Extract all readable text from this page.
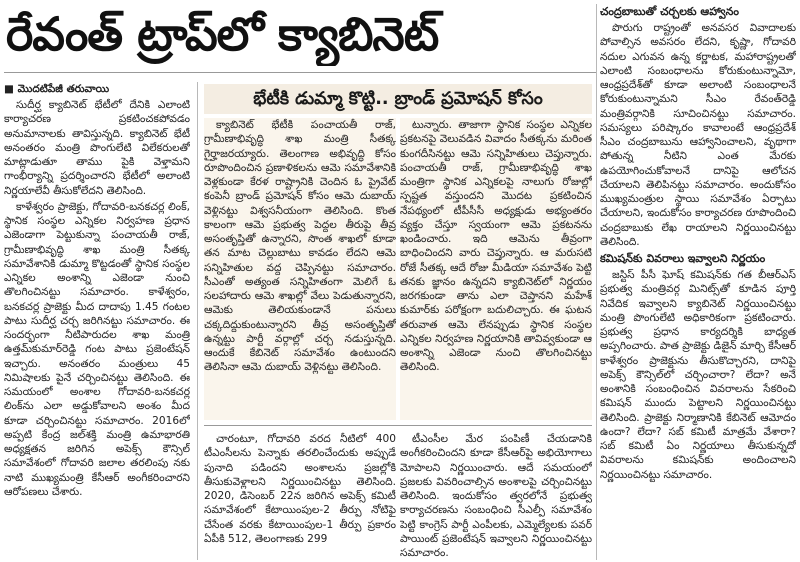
రేవంత్ ట్రాప్‌లో క్యాబినెట్

■ మొదటిపేజీ తరువాయి

సుదీర్ఘ క్యాబినెట్ భేటీలో దేనికి ఎలాంటి కార్యాచరణ ప్రకటించకపోవడం అనుమానాలకు తావిస్తున్నది. క్యాబినెట్ భేటీ అనంతరం మంత్రి పొంగులేటి విలేకరులతో మాట్లాడుతూ తాము పైకి వెళ్తామని గాంభీర్యాన్ని ప్రదర్శించారని భేటీలో అలాంటి నిర్ణయాలేవీ తీసుకోలేదని తెలిసింది.

కాళేశ్వరం ప్రాజెక్టు, గోదావరి-బనకచర్ల లింక్, స్థానిక సంస్థల ఎన్నికల నిర్వహణ ప్రధాన ఎజెండాగా పెట్టుకున్నా పంచాయతీ రాజ్, గ్రామీణాభివృద్ధి శాఖ మంత్రి సీతక్క సమావేశానికి డుమ్మా కొట్టడంతో స్థానిక సంస్థల ఎన్నికల అంశాన్ని ఎజెండా నుంచి తొలగించినట్టు సమాచారం. కాళేశ్వరం, బనకచర్ల ప్రాజెక్టు మీద దాదాపు 1.45 గంటల పాటు సుదీర్ఘ చర్చ జరిగినట్టు సమాచారం. ఈ సందర్భంగా నీటిపారుదల శాఖ మంత్రి ఉత్తమ్‌కుమార్‌రెడ్డి గంట పాటు ప్రజెంటేషన్ ఇచ్చారు. అనంతరం మంత్రులు 45 నిమిషాలకు పైనే చర్చించినట్టు తెలిసింది. ఈ సమయంలో అంశాల గోదావరి-బనకచర్ల లింక్‌ను ఎలా అడ్డుకోవాలని అంశం మీద కూడా చర్చించినట్టు సమాచారం. 2016లో అప్పటి కేంద్ర జల్‌శక్తి మంత్రి ఉమాభారతి అధ్యక్షతన జరిగిన అపెక్స్ కౌన్సిల్ సమావేశంలో గోదావరి జలాల తరలింపు నకు నాటి ముఖ్యమంత్రి కేసీఆర్ అంగీకరించారని ఆరోపణలు చేశారు.

భేటీకి డుమ్మా కొట్టి.. బ్రాండ్ ప్రమోషన్ కోసం

క్యాబినెట్ భేటీకి పంచాయతీ రాజ్, గ్రామీణాభివృద్ధి శాఖ మంత్రి సీతక్క గైర్హాజరయ్యారు. తెలంగాణ అభివృద్ధి కోసం రూపొందించిన ప్రణాళికలను ఆమె సమావేశానికి వెళ్లకుండా కేరళ రాష్ట్రానికి చెందిన ఓ ప్రైవేట్ కంపెనీ బ్రాండ్ ప్రమోషన్ కోసం ఆమె దుబాయ్ వెళ్లినట్టు విశ్వసనీయంగా తెలిసింది. కొంత కాలంగా ఆమె ప్రభుత్వ పెద్దల తీరుపై తీవ్ర అసంతృప్తితో ఉన్నారని, సొంత శాఖలో కూడా తన మాట చెల్లుబాటు కావడం లేదని ఆమె సన్నిహితుల వద్ద చెప్పినట్టు సమాచారం. సీఎంతో అత్యంత సన్నిహితంగా మెలిగే ఓ సలహాదారు ఆమె శాఖల్లో వేలు పెడుతున్నారని, ఆమెకు తెలియకుండానే పనులు చక్కదిద్దుకుంటున్నారని తీవ్ర అసంతృప్తితో ఉన్నట్టు పార్టీ వర్గాల్లో చర్చ నడుస్తున్నది. ఆందుకే కేబినెట్ సమావేశం ఉంటుందని తెలిసినా ఆమె దుబాయ్ వెళ్లినట్టు తెలిసింది.

టున్నారు. తాజాగా స్థానిక సంస్థల ఎన్నికల ప్రకటనపై వెలువడిన వివాదం సీతక్కను మరింత కుంగదీసినట్టు ఆమె సన్నిహితులు చెప్తున్నారు. పంచాయతీ రాజ్, గ్రామీణాభివృద్ధి శాఖ మంత్రిగా స్థానిక ఎన్నికలపై నాలుగు రోజుల్లో స్పష్టత వస్తుందని మొదట ప్రకటించిన నేపథ్యంలో టీపీసీసీ అధ్యక్షుడు అభ్యంతరం వ్యక్తం చేస్తూ స్వయంగా ఆమె ప్రకటనను ఖండించారు. ఇది ఆమెను తీవ్రంగా బాధించిందని వారు చెప్తున్నారు. ఆ మరుసటి రోజే సీతక్క ఆదే రోజు మీడియా సమావేశం పెట్టి తనకు జ్ఞానం ఉన్నదని క్యాబినెట్‌లో నిర్ణయం జరగకుండా తాను ఎలా చెప్తానని మహేశ్ కుమార్‌కు పరోక్షంగా బదులిచ్చారు. ఈ ఘటన తరువాత ఆమె లేనప్పుడు స్థానిక సంస్థల ఎన్నికల నిర్వహణ నిర్ణయానికి తావివ్వకుండా ఆ అంశాన్ని ఎజెండా నుంచి తొలగించినట్టు తెలిసింది.

చారంటూ, గోదావరి వరద నీటిలో 400 టీఎంసీలను పెన్నాకు తరలించేందుకు అప్పుడే పునాది పడిందని అంశాలను ప్రజల్లోకి తీసుకువెళ్లాలని నిర్ణయించినట్టు తెలిసింది. 2020, డిసెంబర్ 22న జరిగిన అపెక్స్ కమిటీ సమావేశంలో కేటాయింపుల-2 తీర్పు నోటిఫై చేసేంత వరకు కేటాయింపుల-1 తీర్పు ప్రకారం ఏపీకి 512, తెలంగాణకు 299

టీఎంసీల మేర పంపిణీ చేయడానికి అంగీకరించిందని కూడా కేసీఆర్‌పై అభియోగాలు మోపాలని నిర్ణయించారు. ఆదే సమయంలో ప్రజలకు వివరించాల్సిన అంశాలపై చర్చించినట్టు తెలిసింది. ఇందుకోసం త్వరలోనే ప్రభుత్వ కార్యాచరణను సంబంధించి సీఎల్పీ సమావేశం పెట్టి కాంగ్రెస్ పార్టీ ఎంపీలకు, ఎమ్మెల్యేలకు పవర్ పాయింట్ ప్రజెంటేషన్ ఇవ్వాలని నిర్ణయించినట్టు సమాచారం.

చంద్రబాబుతో చర్చలకు ఆహ్వానం

పొరుగు రాష్ట్రంతో అనవసర వివాదాలకు పోవాల్సిన అవసరం లేదని, కృష్ణా, గోదావరి నదుల ఎగువన ఉన్న కర్ణాటక, మహారాష్ట్రలతో ఎలాంటి సంబంధాలను కోరుకుంటున్నామో, ఆంధ్రప్రదేశ్‌తో కూడా అలాంటి సంబంధాలనే కోరుకుంటున్నామని సీఎం రేవంత్‌రెడ్డి మంత్రివర్గానికి సూచించినట్టు సమాచారం. సమస్యలు పరిష్కారం కావాలంటే ఆంధ్రప్రదేశ్ సీఎం చంద్రబాబును ఆహ్వానించాలని, వృథాగా పోతున్న నీటిని ఎంత మేరకు ఉపయోగించుకోవాలనే దానిపై ఆలోచన చేయాలని తెలిపినట్టు సమాచారం. అందుకోసం ముఖ్యమంత్రుల స్థాయి సమావేశం ఏర్పాటు చేయాలని, ఇందుకోసం కార్యాచరణ రూపొందించి చంద్రబాబుకు లేఖ రాయాలని నిర్ణయించినట్టు తెలిసింది.

కమిషన్‌కు వివరాలు ఇవ్వాలని నిర్ణయం

జస్టిస్ పీసీ ఘోష్ కమిషన్‌కు గత బీఆర్ఎస్ ప్రభుత్వ మంత్రివర్గ మినిట్స్‌తో కూడిన పూర్తి నివేదిక ఇవ్వాలని క్యాబినెట్ నిర్ణయించినట్టు మంత్రి పొంగులేటి అధికారికంగా ప్రకటించారు. ప్రభుత్వ ప్రధాన కార్యదర్శికి బాధ్యత అప్పగించారు. పాత ప్రాజెక్టు డిజైన్ మార్చి కేసీఆర్ కాళేశ్వరం ప్రాజెక్టును తీసుకొచ్చారని, దానిపై అపెక్స్ కౌన్సిల్‌లో చర్చించారా? లేదా? అనే అంశానికి సంబంధించిన వివరాలను సేకరించి కమిషన్ ముందు పెట్టాలని నిర్ణయించినట్టు తెలిసింది. ప్రాజెక్టు నిర్మాణానికి కేబినెట్ ఆమోదం ఉందా? లేదా? సబ్ కమిటీ మాత్రమే వేశారా? సబ్ కమిటీ ఏం నిర్ణయాలు తీసుకున్నదో వివరాలను కమిషన్‌కు అందించాలని నిర్ణయించినట్టు సమాచారం.
